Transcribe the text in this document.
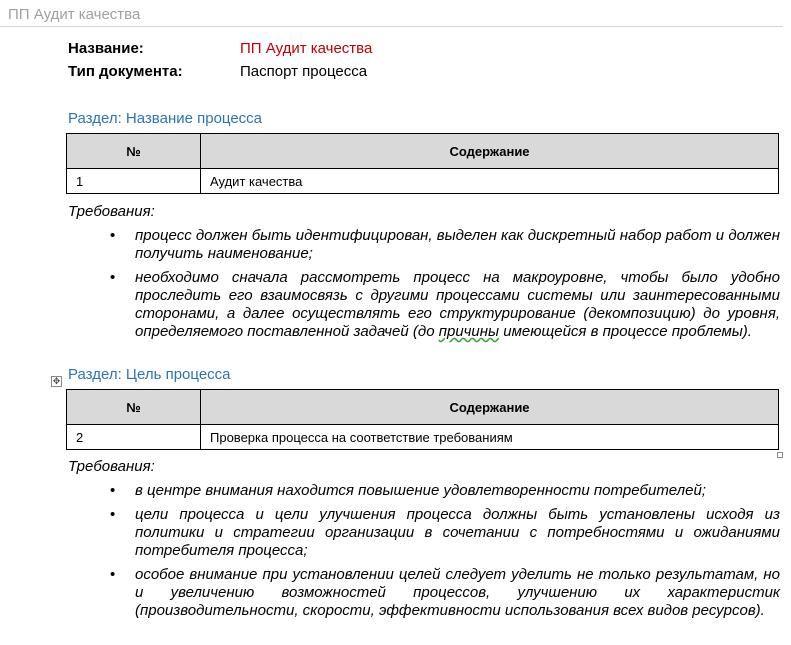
ПП Аудит качества
Название:	ПП Аудит качества
Тип документа:	Паспорт процесса
Раздел: Название процесса
№	Содержание
1	Аудит качества
Требования:
• процесс должен быть идентифицирован, выделен как дискретный набор работ и должен получить наименование;
• необходимо сначала рассмотреть процесс на макроуровне, чтобы было удобно проследить его взаимосвязь с другими процессами системы или заинтересованными сторонами, а далее осуществлять его структурирование (декомпозицию) до уровня, определяемого поставленной задачей (до причины имеющейся в процессе проблемы).
✥ Раздел: Цель процесса
№	Содержание
2	Проверка процесса на соответствие требованиям
Требования:
• в центре внимания находится повышение удовлетворенности потребителей;
• цели процесса и цели улучшения процесса должны быть установлены исходя из политики и стратегии организации в сочетании с потребностями и ожиданиями потребителя процесса;
• особое внимание при установлении целей следует уделить не только результатам, но и увеличению возможностей процессов, улучшению их характеристик (производительности, скорости, эффективности использования всех видов ресурсов).
